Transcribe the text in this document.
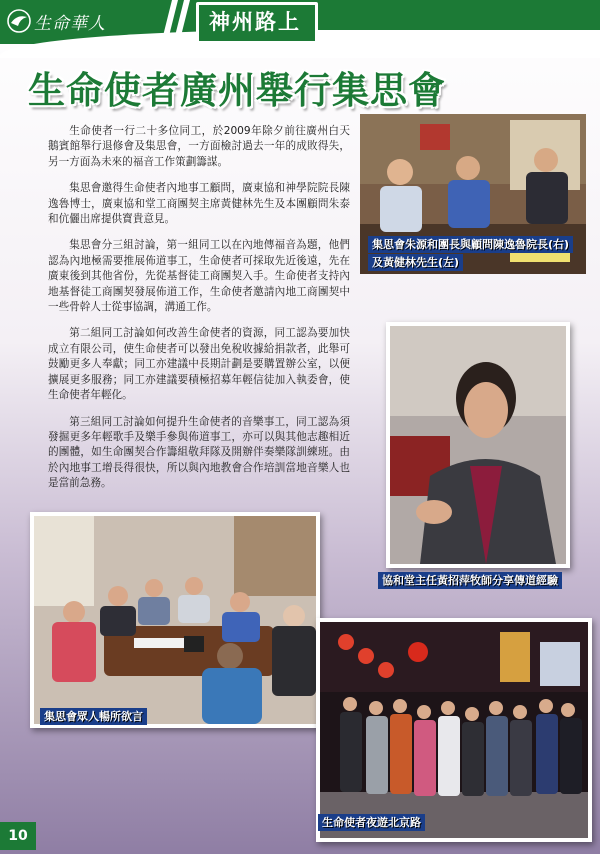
生命華人	神州路上
生命使者廣州舉行集思會

生命使者一行二十多位同工，於2009年除夕前往廣州白天鵝賓館舉行退修會及集思會，一方面檢討過去一年的成敗得失，另一方面為未來的福音工作策劃籌謀。

集思會邀得生命使者內地事工顧問，廣東協和神學院院長陳逸魯博士，廣東協和堂工商團契主席黃健林先生及本團顧問朱泰和伉儷出席提供寶貴意見。

集思會分三組討論，第一組同工以在內地傳福音為題，他們認為內地極需要推展佈道事工，生命使者可採取先近後遠，先在廣東後到其他省份，先從基督徒工商團契入手。生命使者支持內地基督徒工商團契發展佈道工作，生命使者邀請內地工商團契中一些骨幹人士從事協調，溝通工作。

第二組同工討論如何改善生命使者的資源，同工認為要加快成立有限公司，使生命使者可以發出免稅收據給捐款者，此舉可鼓勵更多人奉獻；同工亦建議中長期計劃是要購置辦公室，以便擴展更多服務；同工亦建議要積極招募年輕信徒加入執委會，使生命使者年輕化。

第三組同工討論如何提升生命使者的音樂事工，同工認為須發掘更多年輕歌手及樂手參與佈道事工，亦可以與其他志趣相近的團體，如生命團契合作籌組敬拜隊及開辦伴奏樂隊訓練班。由於內地事工增長得很快，所以與內地教會合作培訓當地音樂人也是當前急務。

集思會朱源和團長與顧問陳逸魯院長(右)
及黃健林先生(左)
協和堂主任黃招萍牧師分享傳道經驗
集思會眾人暢所欲言
生命使者夜遊北京路
10
